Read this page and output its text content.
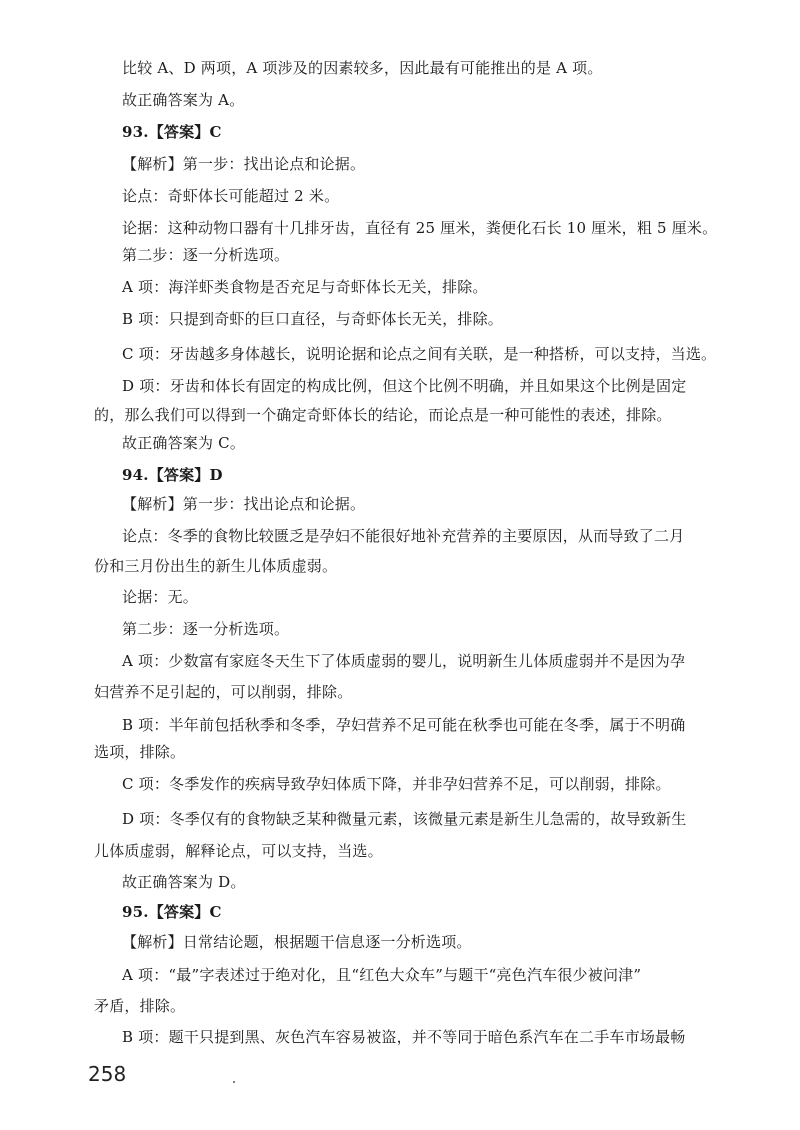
比较 A、D 两项，A 项涉及的因素较多，因此最有可能推出的是 A 项。
故正确答案为 A。
93.【答案】C
【解析】第一步：找出论点和论据。
论点：奇虾体长可能超过 2 米。
论据：这种动物口器有十几排牙齿，直径有 25 厘米，粪便化石长 10 厘米，粗 5 厘米。
第二步：逐一分析选项。
A 项：海洋虾类食物是否充足与奇虾体长无关，排除。
B 项：只提到奇虾的巨口直径，与奇虾体长无关，排除。
C 项：牙齿越多身体越长，说明论据和论点之间有关联，是一种搭桥，可以支持，当选。
D 项：牙齿和体长有固定的构成比例，但这个比例不明确，并且如果这个比例是固定
的，那么我们可以得到一个确定奇虾体长的结论，而论点是一种可能性的表述，排除。
故正确答案为 C。
94.【答案】D
【解析】第一步：找出论点和论据。
论点：冬季的食物比较匮乏是孕妇不能很好地补充营养的主要原因，从而导致了二月
份和三月份出生的新生儿体质虚弱。
论据：无。
第二步：逐一分析选项。
A 项：少数富有家庭冬天生下了体质虚弱的婴儿，说明新生儿体质虚弱并不是因为孕
妇营养不足引起的，可以削弱，排除。
B 项：半年前包括秋季和冬季，孕妇营养不足可能在秋季也可能在冬季，属于不明确
选项，排除。
C 项：冬季发作的疾病导致孕妇体质下降，并非孕妇营养不足，可以削弱，排除。
D 项：冬季仅有的食物缺乏某种微量元素，该微量元素是新生儿急需的，故导致新生
儿体质虚弱，解释论点，可以支持，当选。
故正确答案为 D。
95.【答案】C
【解析】日常结论题，根据题干信息逐一分析选项。
A 项：“最”字表述过于绝对化，且“红色大众车”与题干“亮色汽车很少被问津”
矛盾，排除。
B 项：题干只提到黑、灰色汽车容易被盗，并不等同于暗色系汽车在二手车市场最畅
258
